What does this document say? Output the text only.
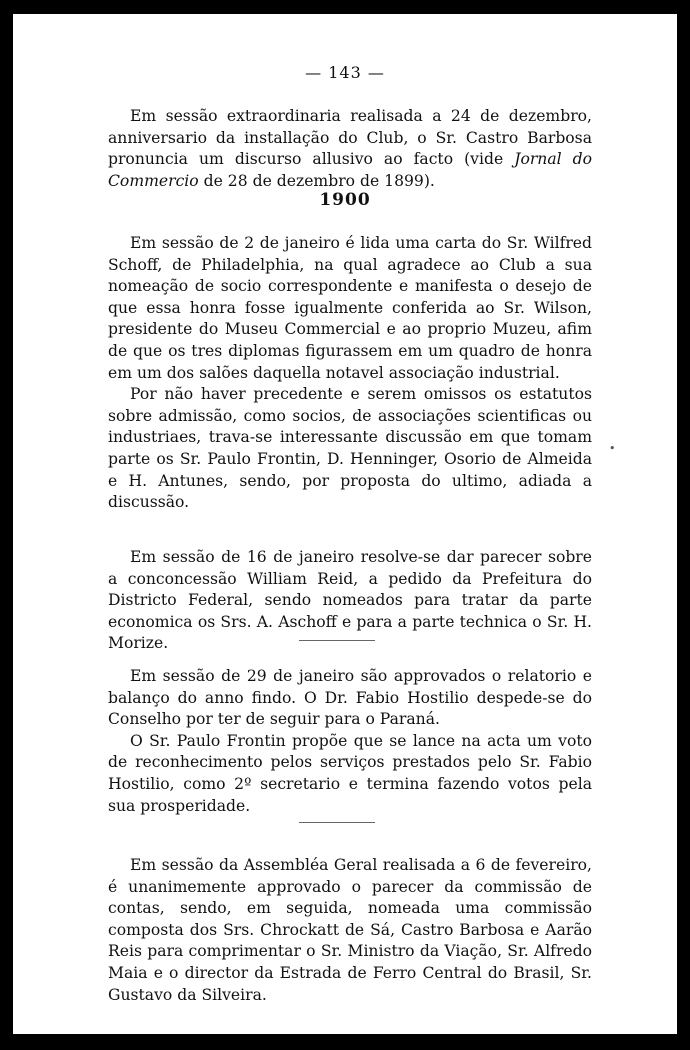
— 143 —

Em sessão extraordinaria realisada a 24 de dezembro, anniversario da installação do Club, o Sr. Castro Barbosa pronuncia um discurso allusivo ao facto (vide Jornal do Commercio de 28 de dezembro de 1899).

1900

Em sessão de 2 de janeiro é lida uma carta do Sr. Wilfred Schoff, de Philadelphia, na qual agradece ao Club a sua nomeação de socio correspondente e manifesta o desejo de que essa honra fosse igualmente conferida ao Sr. Wilson, presidente do Museu Commercial e ao proprio Muzeu, afim de que os tres diplomas figurassem em um quadro de honra em um dos salões daquella notavel associação industrial.

Por não haver precedente e serem omissos os estatutos sobre admissão, como socios, de associações scientificas ou industriaes, trava-se interessante discussão em que tomam parte os Sr. Paulo Frontin, D. Henninger, Osorio de Almeida e H. Antunes, sendo, por proposta do ultimo, adiada a discussão.

•

Em sessão de 16 de janeiro resolve-se dar parecer sobre a conconcessão William Reid, a pedido da Prefeitura do Districto Federal, sendo nomeados para tratar da parte economica os Srs. A. Aschoff e para a parte technica o Sr. H. Morize.

Em sessão de 29 de janeiro são approvados o relatorio e balanço do anno findo. O Dr. Fabio Hostilio despede-se do Conselho por ter de seguir para o Paraná.

O Sr. Paulo Frontin propõe que se lance na acta um voto de reconhecimento pelos serviços prestados pelo Sr. Fabio Hostilio, como 2º secretario e termina fazendo votos pela sua prosperidade.

Em sessão da Assembléa Geral realisada a 6 de fevereiro, é unanimemente approvado o parecer da commissão de contas, sendo, em seguida, nomeada uma commissão composta dos Srs. Chrockatt de Sá, Castro Barbosa e Aarão Reis para comprimentar o Sr. Ministro da Viação, Sr. Alfredo Maia e o director da Estrada de Ferro Central do Brasil, Sr. Gustavo da Silveira.
